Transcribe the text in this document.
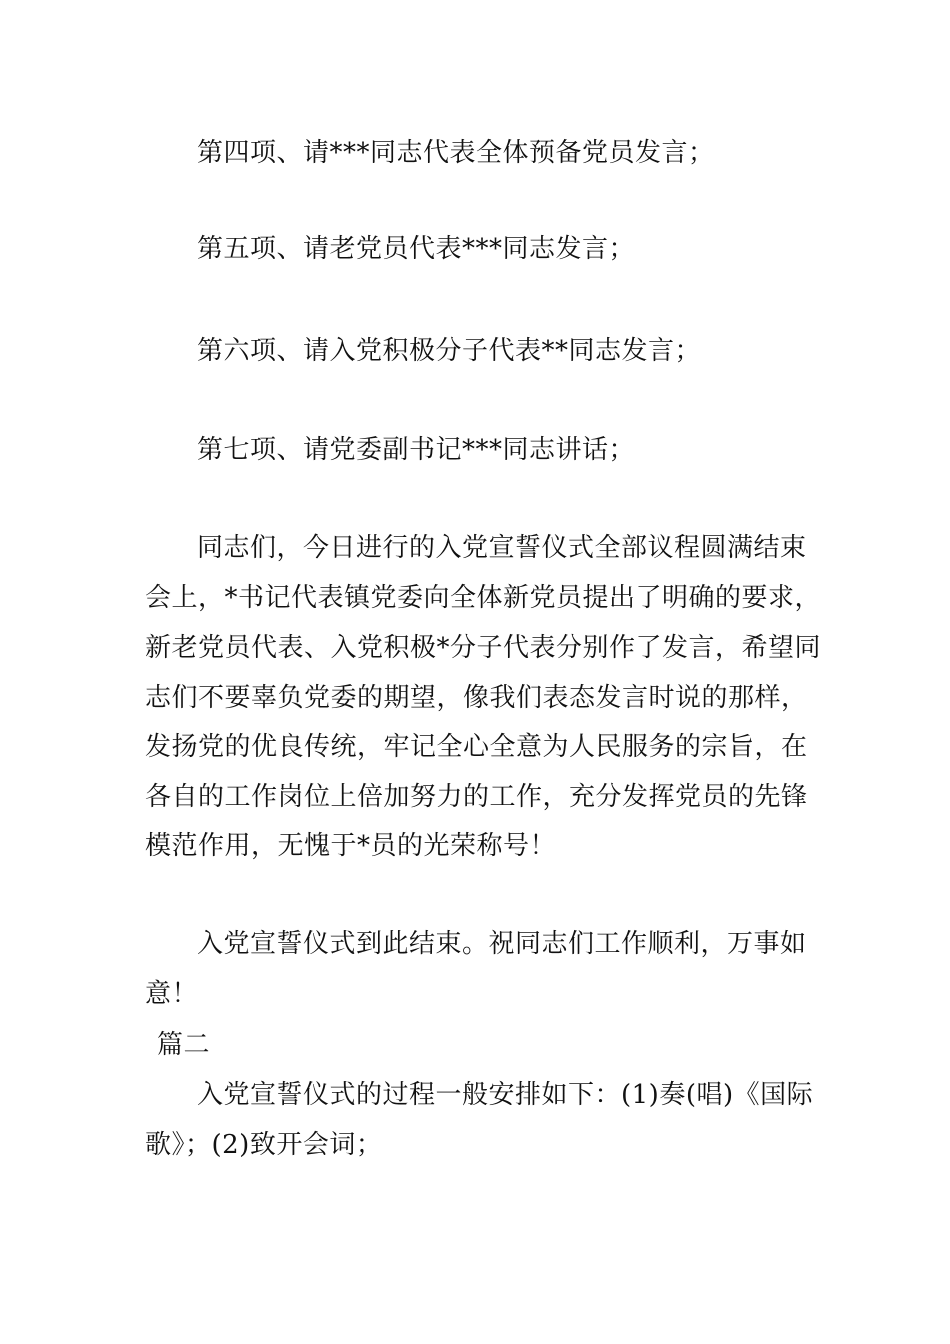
第四项、请***同志代表全体预备党员发言；
第五项、请老党员代表***同志发言；
第六项、请入党积极分子代表**同志发言；
第七项、请党委副书记***同志讲话；
同志们，今日进行的入党宣誓仪式全部议程圆满结束
会上，*书记代表镇党委向全体新党员提出了明确的要求，
新老党员代表、入党积极*分子代表分别作了发言，希望同
志们不要辜负党委的期望，像我们表态发言时说的那样，
发扬党的优良传统，牢记全心全意为人民服务的宗旨，在
各自的工作岗位上倍加努力的工作，充分发挥党员的先锋
模范作用，无愧于*员的光荣称号！
入党宣誓仪式到此结束。祝同志们工作顺利，万事如
意！
篇二
入党宣誓仪式的过程一般安排如下：(1)奏(唱)《国际
歌》；(2)致开会词；
